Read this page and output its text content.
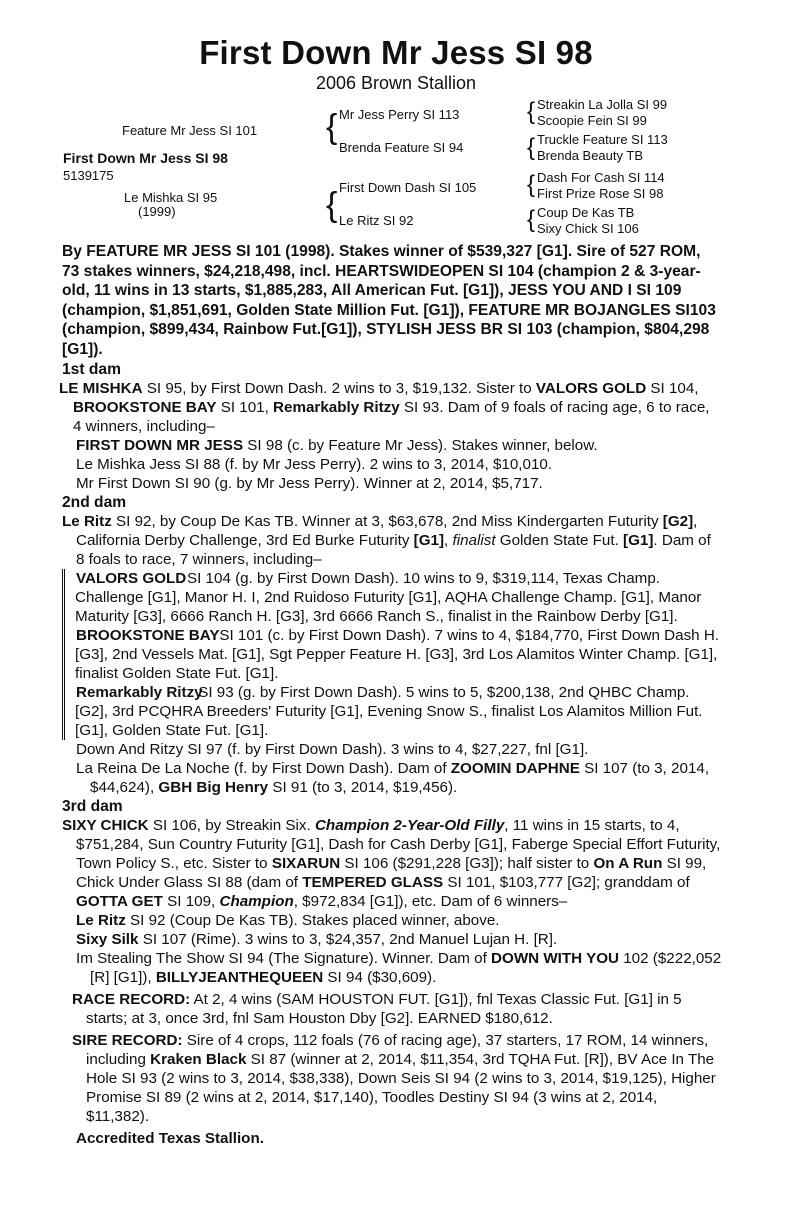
First Down Mr Jess SI 98
2006 Brown Stallion
Feature Mr Jess SI 101
First Down Mr Jess SI 98
5139175
Le Mishka SI 95
(1999)
{ Mr Jess Perry SI 113
Brenda Feature SI 94
{ First Down Dash SI 105
Le Ritz SI 92
{ Streakin La Jolla SI 99
Scoopie Fein SI 99
{ Truckle Feature SI 113
Brenda Beauty TB
{ Dash For Cash SI 114
First Prize Rose SI 98
{ Coup De Kas TB
Sixy Chick SI 106

By FEATURE MR JESS SI 101 (1998). Stakes winner of $539,327 [G1]. Sire of 527 ROM, 73 stakes winners, $24,218,498, incl. HEARTSWIDEOPEN SI 104 (champion 2 & 3-year-old, 11 wins in 13 starts, $1,885,283, All American Fut. [G1]), JESS YOU AND I SI 109 (champion, $1,851,691, Golden State Million Fut. [G1]), FEATURE MR BOJANGLES SI103 (champion, $899,434, Rainbow Fut.[G1]), STYLISH JESS BR SI 103 (champion, $804,298 [G1]).

1st dam

LE MISHKA SI 95, by First Down Dash. 2 wins to 3, $19,132. Sister to VALORS GOLD SI 104, BROOKSTONE BAY SI 101, Remarkably Ritzy SI 93. Dam of 9 foals of racing age, 6 to race, 4 winners, including–

FIRST DOWN MR JESS SI 98 (c. by Feature Mr Jess). Stakes winner, below.

Le Mishka Jess SI 88 (f. by Mr Jess Perry). 2 wins to 3, 2014, $10,010.

Mr First Down SI 90 (g. by Mr Jess Perry). Winner at 2, 2014, $5,717.

2nd dam

Le Ritz SI 92, by Coup De Kas TB. Winner at 3, $63,678, 2nd Miss Kindergarten Futurity [G2], California Derby Challenge, 3rd Ed Burke Futurity [G1], finalist Golden State Fut. [G1]. Dam of 8 foals to race, 7 winners, including–

VALORS GOLD

SI 104 (g. by First Down Dash). 10 wins to 9, $319,114, Texas Champ. Challenge [G1], Manor H. I, 2nd Ruidoso Futurity [G1], AQHA Challenge Champ. [G1], Manor Maturity [G3], 6666 Ranch H. [G3], 3rd 6666 Ranch S., finalist in the Rainbow Derby [G1].

BROOKSTONE BAY

SI 101 (c. by First Down Dash). 7 wins to 4, $184,770, First Down Dash H. [G3], 2nd Vessels Mat. [G1], Sgt Pepper Feature H. [G3], 3rd Los Alamitos Winter Champ. [G1], finalist Golden State Fut. [G1].

Remarkably Ritzy

SI 93 (g. by First Down Dash). 5 wins to 5, $200,138, 2nd QHBC Champ. [G2], 3rd PCQHRA Breeders' Futurity [G1], Evening Snow S., finalist Los Alamitos Million Fut. [G1], Golden State Fut. [G1].

Down And Ritzy SI 97 (f. by First Down Dash). 3 wins to 4, $27,227, fnl [G1].

La Reina De La Noche (f. by First Down Dash). Dam of ZOOMIN DAPHNE SI 107 (to 3, 2014, $44,624), GBH Big Henry SI 91 (to 3, 2014, $19,456).

3rd dam

SIXY CHICK SI 106, by Streakin Six. Champion 2-Year-Old Filly, 11 wins in 15 starts, to 4, $751,284, Sun Country Futurity [G1], Dash for Cash Derby [G1], Faberge Special Effort Futurity, Town Policy S., etc. Sister to SIXARUN SI 106 ($291,228 [G3]); half sister to On A Run SI 99, Chick Under Glass SI 88 (dam of TEMPERED GLASS SI 101, $103,777 [G2]; granddam of GOTTA GET SI 109, Champion, $972,834 [G1]), etc. Dam of 6 winners–

Le Ritz SI 92 (Coup De Kas TB). Stakes placed winner, above.

Sixy Silk SI 107 (Rime). 3 wins to 3, $24,357, 2nd Manuel Lujan H. [R].

Im Stealing The Show SI 94 (The Signature). Winner. Dam of DOWN WITH YOU 102 ($222,052 [R] [G1]), BILLYJEANTHEQUEEN SI 94 ($30,609).

RACE RECORD: At 2, 4 wins (SAM HOUSTON FUT. [G1]), fnl Texas Classic Fut. [G1] in 5 starts; at 3, once 3rd, fnl Sam Houston Dby [G2]. EARNED $180,612.

SIRE RECORD: Sire of 4 crops, 112 foals (76 of racing age), 37 starters, 17 ROM, 14 winners, including Kraken Black SI 87 (winner at 2, 2014, $11,354, 3rd TQHA Fut. [R]), BV Ace In The Hole SI 93 (2 wins to 3, 2014, $38,338), Down Seis SI 94 (2 wins to 3, 2014, $19,125), Higher Promise SI 89 (2 wins at 2, 2014, $17,140), Toodles Destiny SI 94 (3 wins at 2, 2014, $11,382).

Accredited Texas Stallion.
